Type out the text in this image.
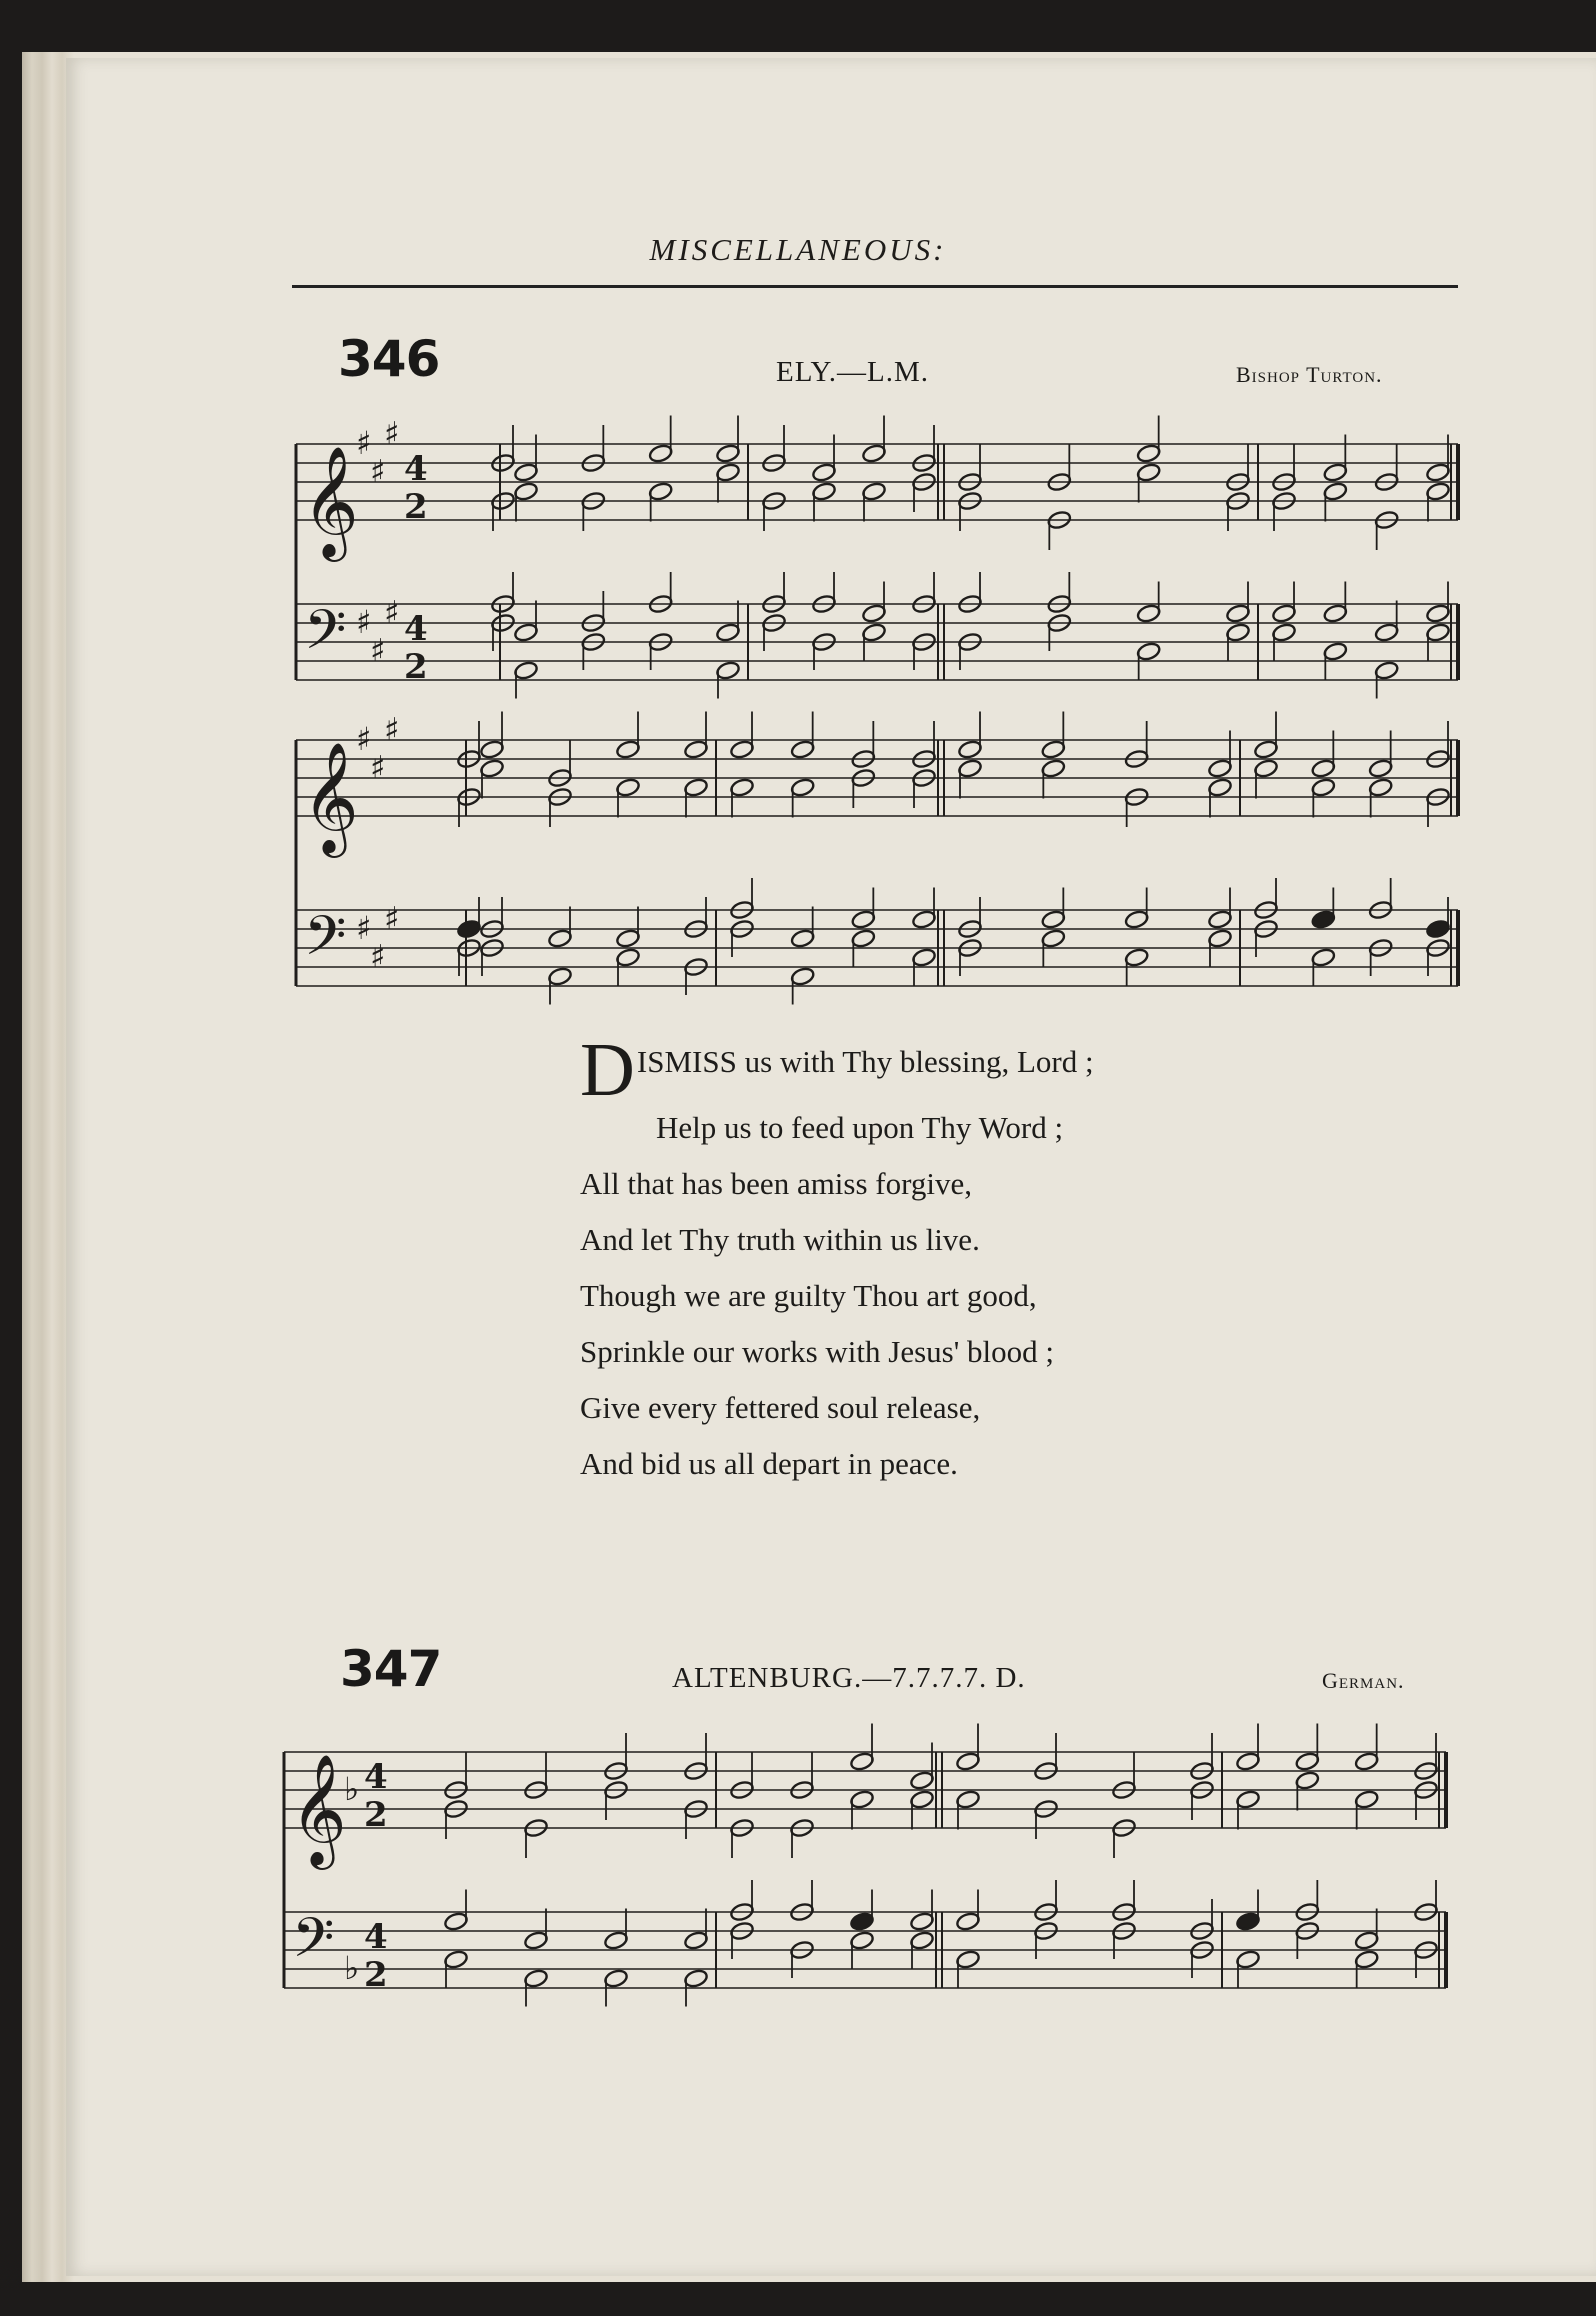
MISCELLANEOUS:
346	ELY.—L.M.	Bishop Turton.
347	ALTENBURG.—7.7.7.7. D.	German.
𝄞
𝄢
♯
♯
♯
♯
♯
♯
4
2
4
2
𝄞
𝄢
♯
♯
♯
♯
♯
♯
𝄞
𝄢
♭
♭
4
2
4
2
DISMISS us with Thy blessing, Lord ;
Help us to feed upon Thy Word ;
All that has been amiss forgive,
And let Thy truth within us live.
Though we are guilty Thou art good,
Sprinkle our works with Jesus' blood ;
Give every fettered soul release,
And bid us all depart in peace.
